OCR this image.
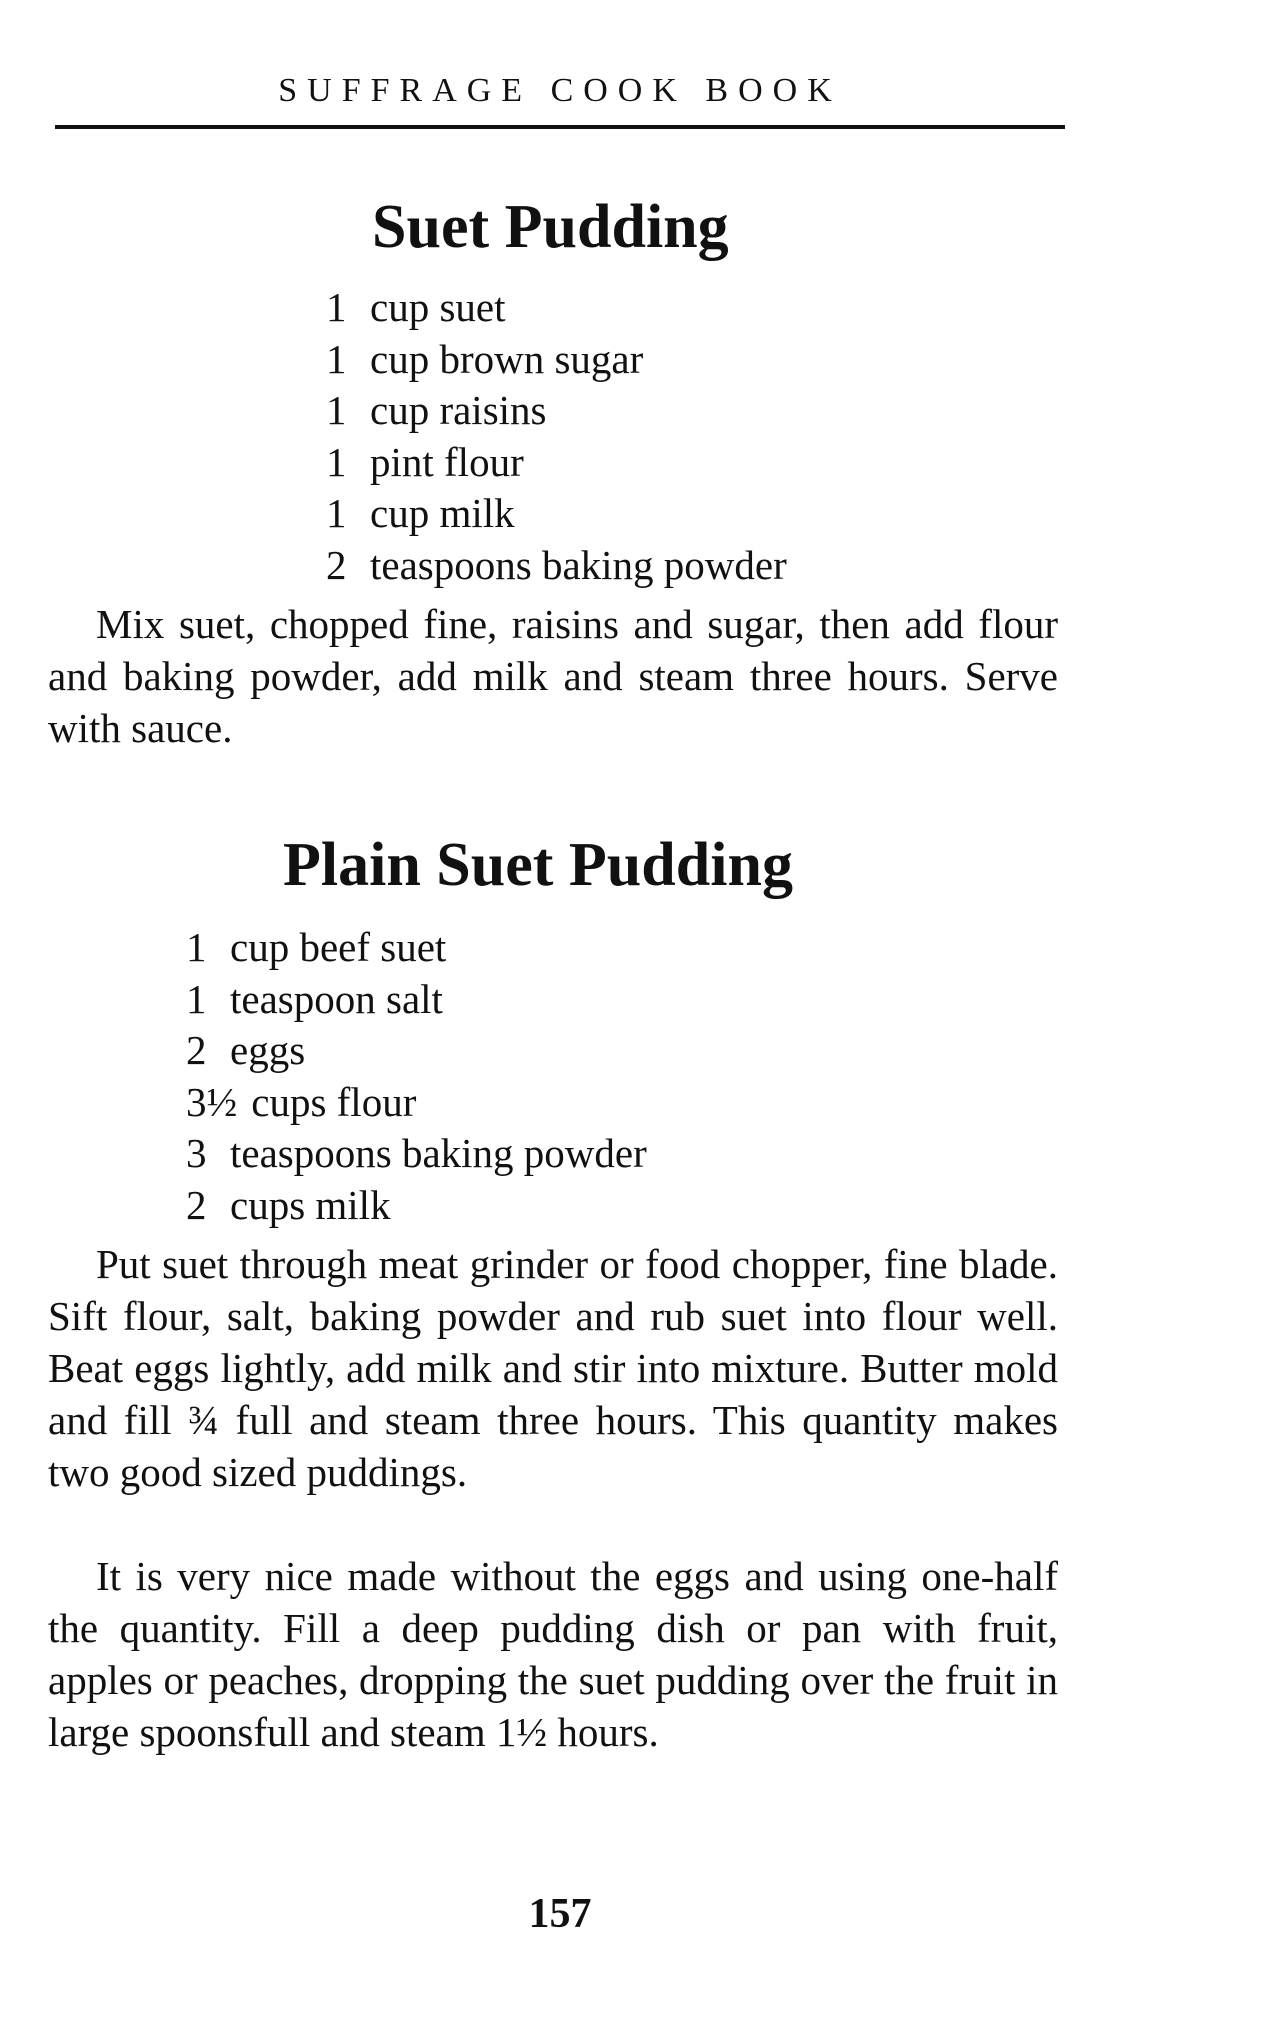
SUFFRAGE COOK BOOK
Suet Pudding
1 cup suet
1 cup brown sugar
1 cup raisins
1 pint flour
1 cup milk
2 teaspoons baking powder

Mix suet, chopped fine, raisins and sugar, then add flour and baking powder, add milk and steam three hours. Serve with sauce.

Plain Suet Pudding
1 cup beef suet
1 teaspoon salt
2 eggs
3½ cups flour
3 teaspoons baking powder
2 cups milk

Put suet through meat grinder or food chopper, fine blade. Sift flour, salt, baking powder and rub suet into flour well. Beat eggs lightly, add milk and stir into mixture. Butter mold and fill ¾ full and steam three hours. This quantity makes two good sized puddings.

It is very nice made without the eggs and using one-half the quantity. Fill a deep pudding dish or pan with fruit, apples or peaches, dropping the suet pudding over the fruit in large spoonsfull and steam 1½ hours.

157
